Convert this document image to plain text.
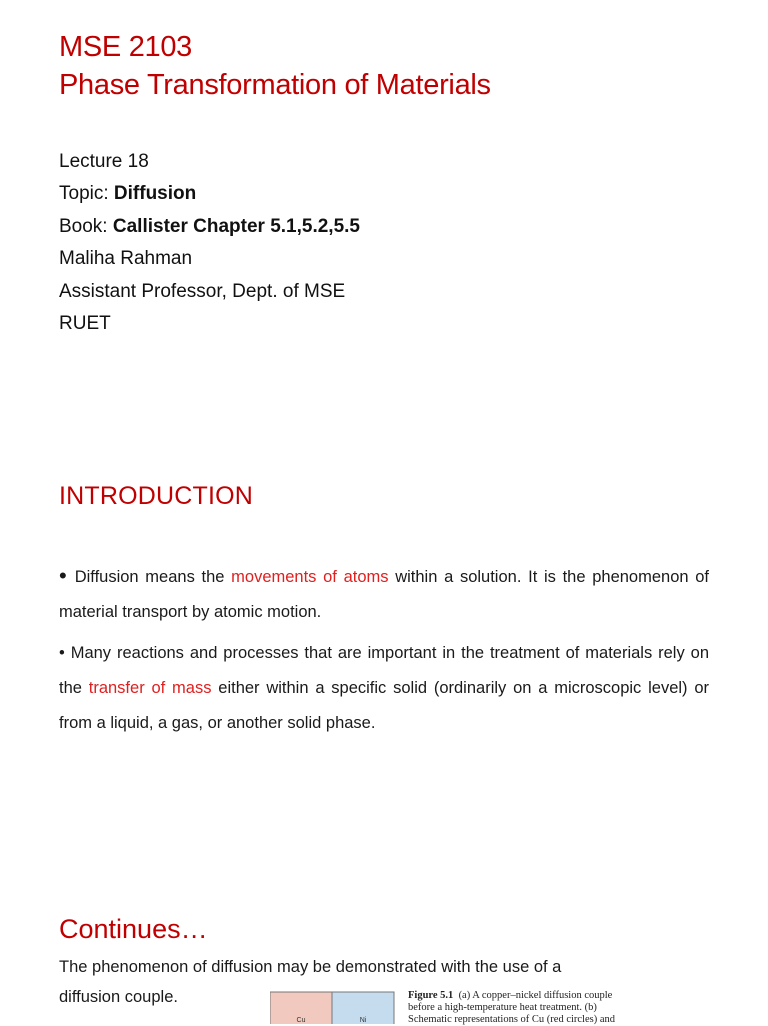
MSE 2103
Phase Transformation of Materials
Lecture 18
Topic: Diffusion
Book: Callister Chapter 5.1,5.2,5.5
Maliha Rahman
Assistant Professor, Dept. of MSE
RUET
INTRODUCTION

• Diffusion means the movements of atoms within a solution. It is the phenomenon of material transport by atomic motion.

• Many reactions and processes that are important in the treatment of materials rely on the transfer of mass either within a specific solid (ordinarily on a microscopic level) or from a liquid, a gas, or another solid phase.

Continues…

The phenomenon of diffusion may be demonstrated with the use of a diffusion couple.

Cu	Ni
Figure 5.1 (a) A copper–nickel diffusion couple before a high-temperature heat treatment. (b) Schematic representations of Cu (red circles) and
